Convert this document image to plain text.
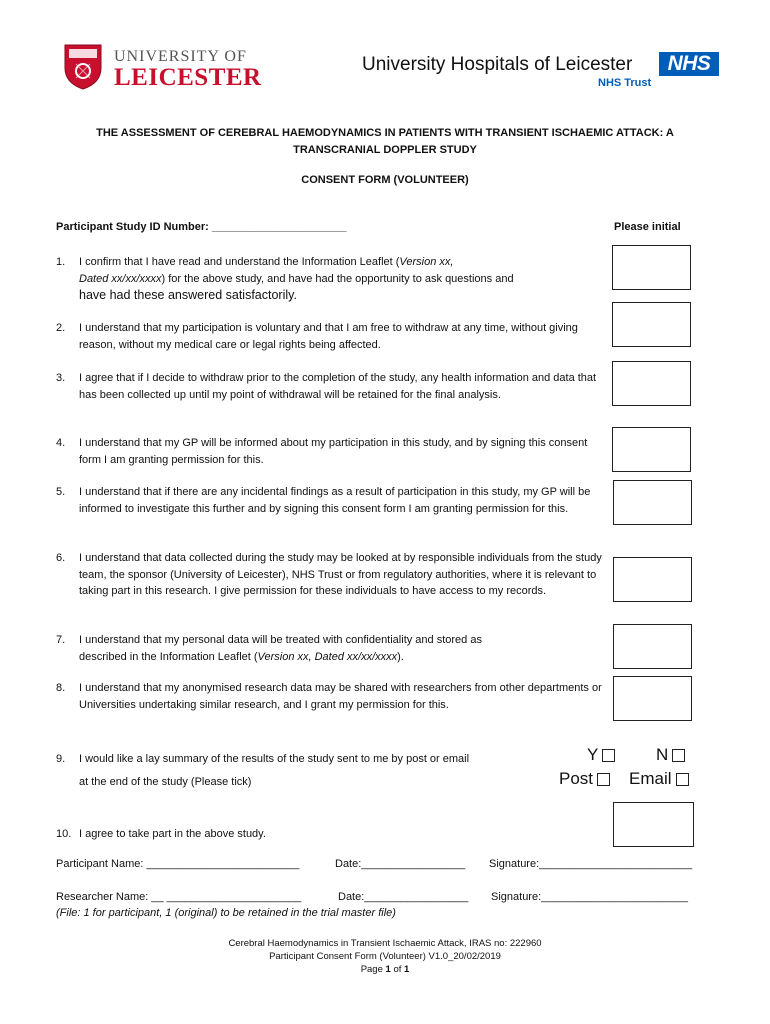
UNIVERSITY OF
LEICESTER	University Hospitals of Leicester	NHS
NHS Trust
THE ASSESSMENT OF CEREBRAL HAEMODYNAMICS IN PATIENTS WITH TRANSIENT ISCHAEMIC ATTACK: A
TRANSCRANIAL DOPPLER STUDY
CONSENT FORM (VOLUNTEER)
Participant Study ID Number: ______________________	Please initial
1. I confirm that I have read and understand the Information Leaflet (Version xx,
Dated xx/xx/xxxx) for the above study, and have had the opportunity to ask questions and
have had these answered satisfactorily.
2. I understand that my participation is voluntary and that I am free to withdraw at any time, without giving reason, without my medical care or legal rights being affected.
3. I agree that if I decide to withdraw prior to the completion of the study, any health information and data that has been collected up until my point of withdrawal will be retained for the final analysis.
4. I understand that my GP will be informed about my participation in this study, and by signing this consent form I am granting permission for this.
5. I understand that if there are any incidental findings as a result of participation in this study, my GP will be informed to investigate this further and by signing this consent form I am granting permission for this.
6. I understand that data collected during the study may be looked at by responsible individuals from the study team, the sponsor (University of Leicester), NHS Trust or from regulatory authorities, where it is relevant to taking part in this research. I give permission for these individuals to have access to my records.
7. I understand that my personal data will be treated with confidentiality and stored as
described in the Information Leaflet (Version xx, Dated xx/xx/xxxx).
8. I understand that my anonymised research data may be shared with researchers from other departments or Universities undertaking similar research, and I grant my permission for this.
9. I would like a lay summary of the results of the study sent to me by post or email
at the end of the study (Please tick)
Y	N
Post	Email
10. I agree to take part in the above study.
Participant Name: _________________________	Date:_________________ Signature:_________________________
Researcher Name: __ ______________________	Date:_________________ Signature:________________________
(File: 1 for participant, 1 (original) to be retained in the trial master file)
Cerebral Haemodynamics in Transient Ischaemic Attack, IRAS no: 222960
Participant Consent Form (Volunteer) V1.0_20/02/2019
Page 1 of 1
